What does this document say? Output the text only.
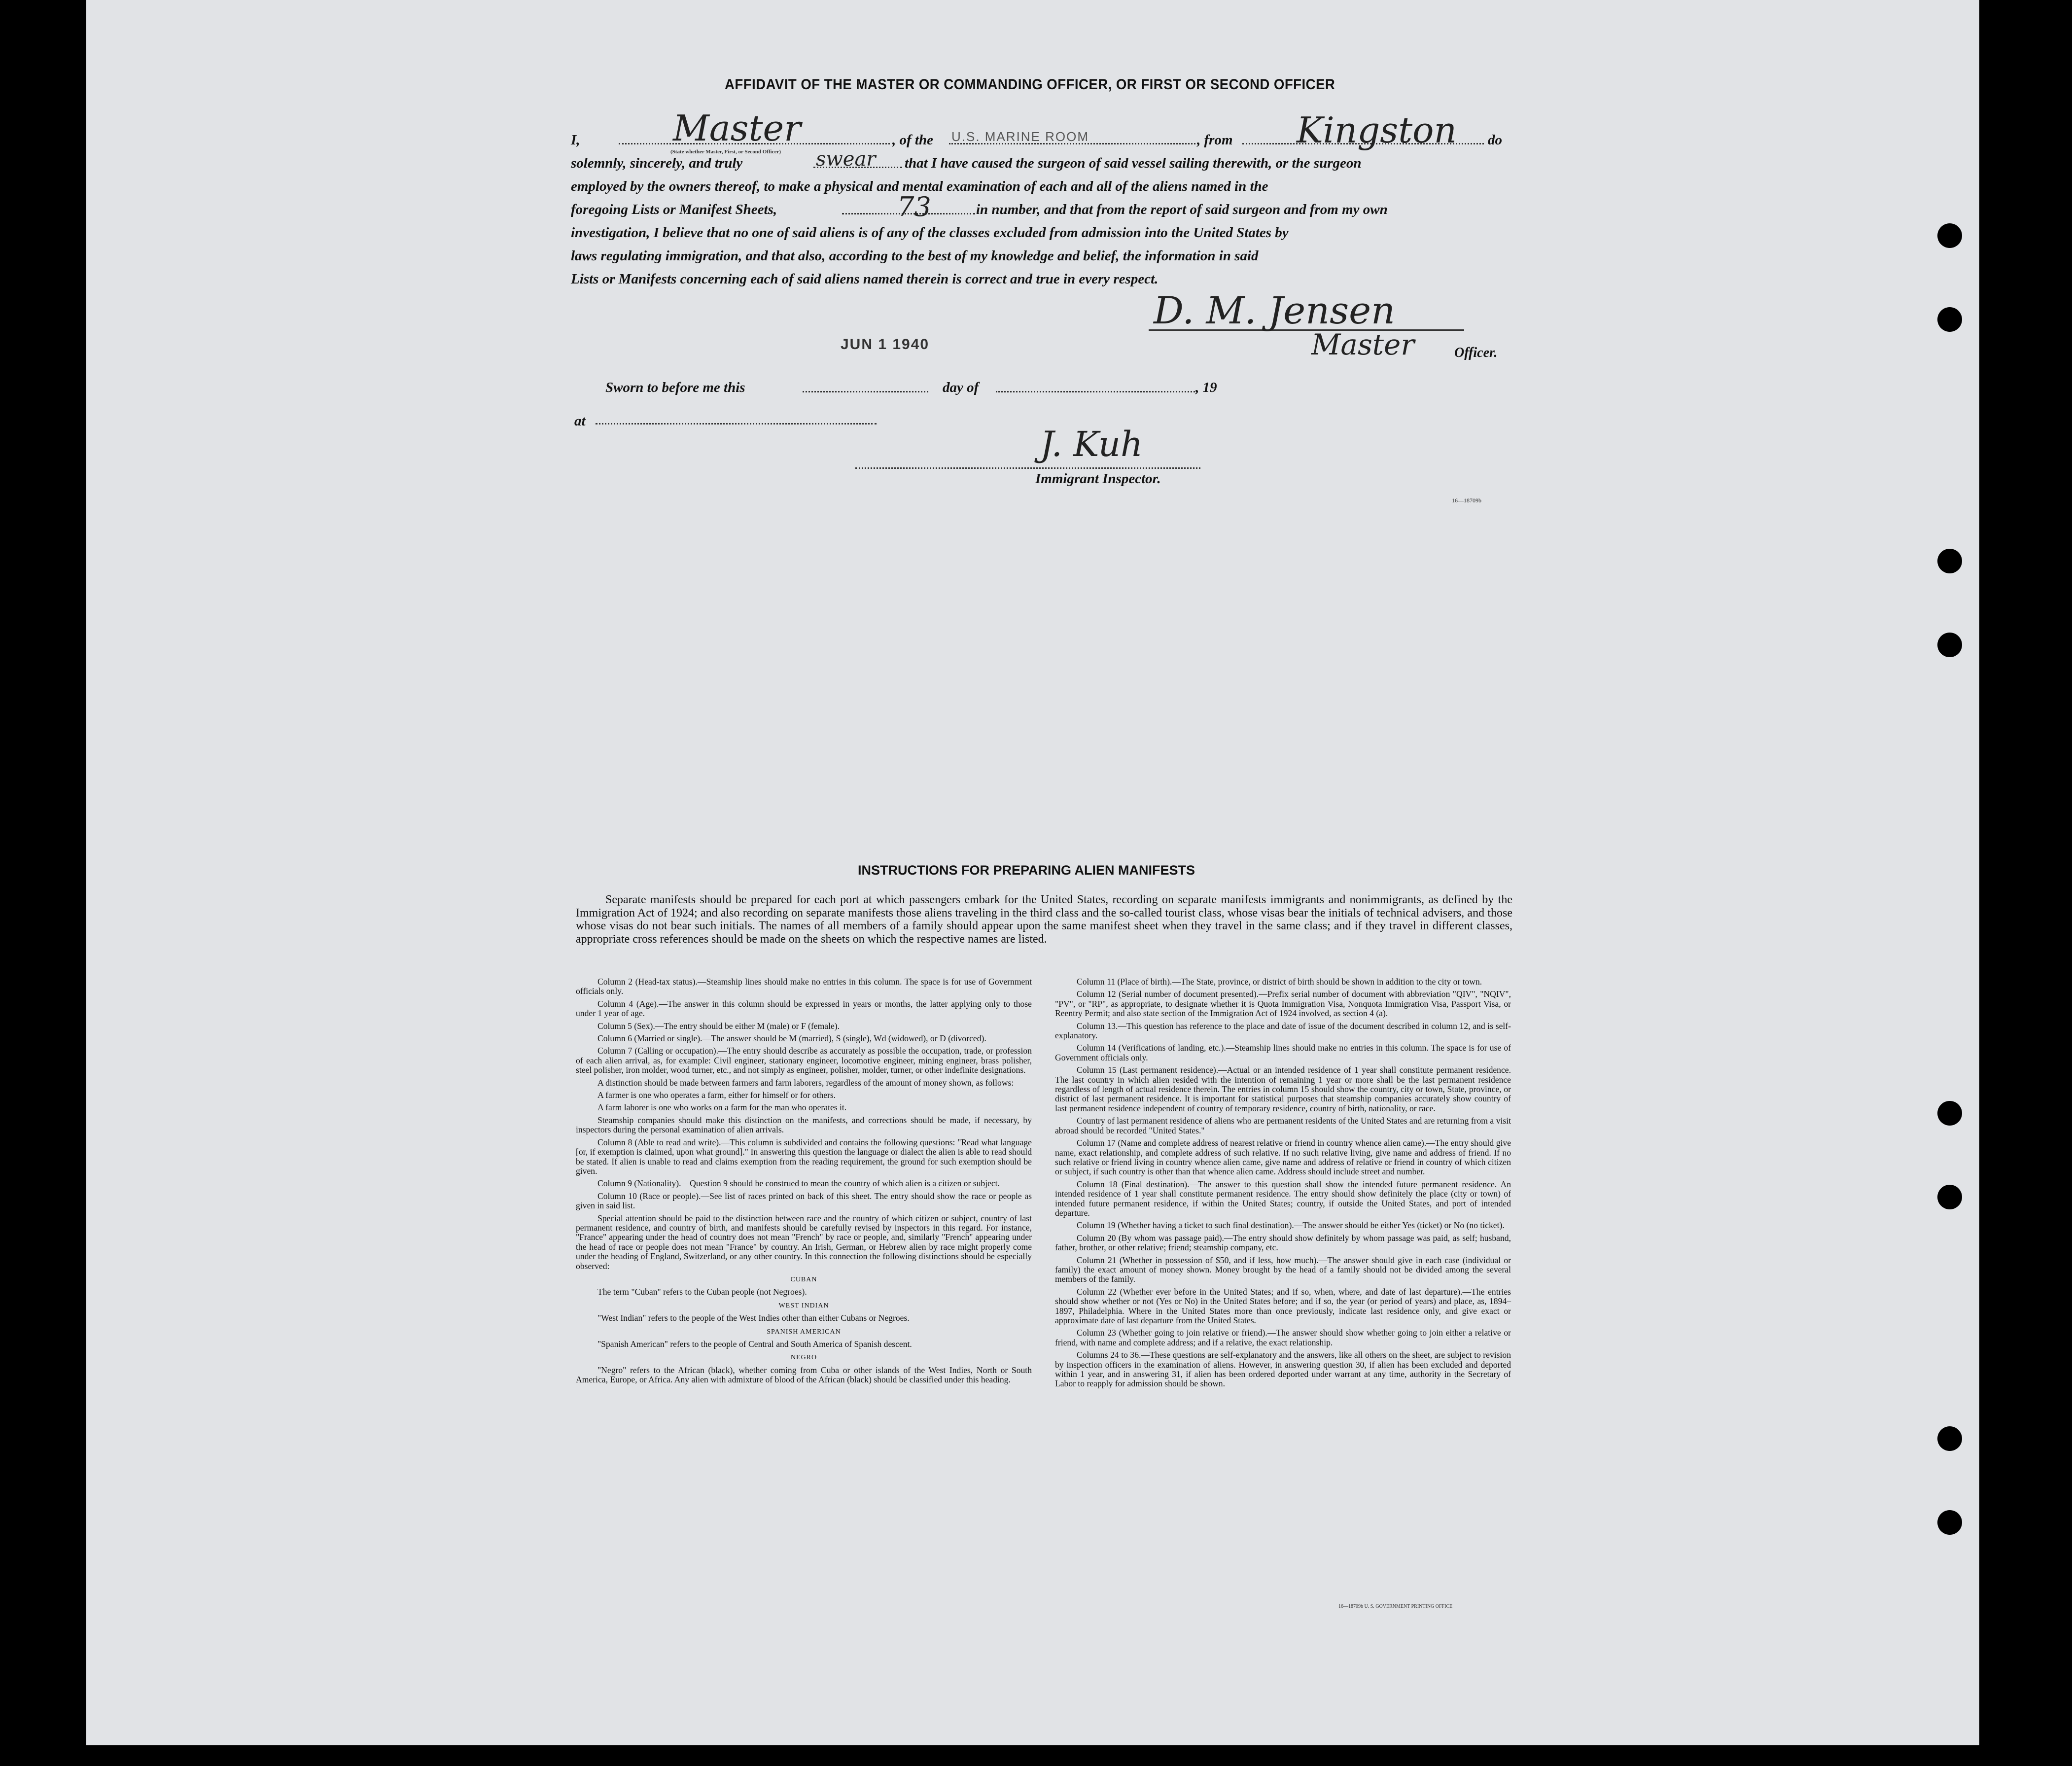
AFFIDAVIT OF THE MASTER OR COMMANDING OFFICER, OR FIRST OR SECOND OFFICER
I,	Master
(State whether Master, First, or Second Officer)
, of the U.S. MARINE ROOM	, from Kingston do
solemnly, sincerely, and truly	swear that I have caused the surgeon of said vessel sailing therewith, or the surgeon
employed by the owners thereof, to make a physical and mental examination of each and all of the aliens named in the
foregoing Lists or Manifest Sheets,	73	in number, and that from the report of said surgeon and from my own
investigation, I believe that no one of said aliens is of any of the classes excluded from admission into the United States by
laws regulating immigration, and that also, according to the best of my knowledge and belief, the information in said
Lists or Manifests concerning each of said aliens named therein is correct and true in every respect.
D. M. Jensen
Master	Officer.
JUN 1 1940
Sworn to before me this	day of	, 19
at
J. Kuh
Immigrant Inspector.
16—18709b
INSTRUCTIONS FOR PREPARING ALIEN MANIFESTS
Separate manifests should be prepared for each port at which passengers embark for the United States, recording on separate manifests immigrants and nonimmigrants, as defined by the Immigration Act of 1924; and also recording on separate manifests those aliens traveling in the third class and the so-called tourist class, whose visas bear the initials of technical advisers, and those whose visas do not bear such initials. The names of all members of a family should appear upon the same manifest sheet when they travel in the same class; and if they travel in different classes, appropriate cross references should be made on the sheets on which the respective names are listed.

Column 2 (Head-tax status).—Steamship lines should make no entries in this column. The space is for use of Government officials only.

Column 4 (Age).—The answer in this column should be expressed in years or months, the latter applying only to those under 1 year of age.

Column 5 (Sex).—The entry should be either M (male) or F (female).

Column 6 (Married or single).—The answer should be M (married), S (single), Wd (widowed), or D (divorced).

Column 7 (Calling or occupation).—The entry should describe as accurately as possible the occupation, trade, or profession of each alien arrival, as, for example: Civil engineer, stationary engineer, locomotive engineer, mining engineer, brass polisher, steel polisher, iron molder, wood turner, etc., and not simply as engineer, polisher, molder, turner, or other indefinite designations.

A distinction should be made between farmers and farm laborers, regardless of the amount of money shown, as follows:

A farmer is one who operates a farm, either for himself or for others.

A farm laborer is one who works on a farm for the man who operates it.

Steamship companies should make this distinction on the manifests, and corrections should be made, if necessary, by inspectors during the personal examination of alien arrivals.

Column 8 (Able to read and write).—This column is subdivided and contains the following questions: "Read what language [or, if exemption is claimed, upon what ground]." In answering this question the language or dialect the alien is able to read should be stated. If alien is unable to read and claims exemption from the reading requirement, the ground for such exemption should be given.

Column 9 (Nationality).—Question 9 should be construed to mean the country of which alien is a citizen or subject.

Column 10 (Race or people).—See list of races printed on back of this sheet. The entry should show the race or people as given in said list.

Special attention should be paid to the distinction between race and the country of which citizen or subject, country of last permanent residence, and country of birth, and manifests should be carefully revised by inspectors in this regard. For instance, "France" appearing under the head of country does not mean "French" by race or people, and, similarly "French" appearing under the head of race or people does not mean "France" by country. An Irish, German, or Hebrew alien by race might properly come under the heading of England, Switzerland, or any other country. In this connection the following distinctions should be especially observed:

CUBAN

The term "Cuban" refers to the Cuban people (not Negroes).

WEST INDIAN

"West Indian" refers to the people of the West Indies other than either Cubans or Negroes.

SPANISH AMERICAN

"Spanish American" refers to the people of Central and South America of Spanish descent.

NEGRO

"Negro" refers to the African (black), whether coming from Cuba or other islands of the West Indies, North or South America, Europe, or Africa. Any alien with admixture of blood of the African (black) should be classified under this heading.

Column 11 (Place of birth).—The State, province, or district of birth should be shown in addition to the city or town.

Column 12 (Serial number of document presented).—Prefix serial number of document with abbreviation "QIV", "NQIV", "PV", or "RP", as appropriate, to designate whether it is Quota Immigration Visa, Nonquota Immigration Visa, Passport Visa, or Reentry Permit; and also state section of the Immigration Act of 1924 involved, as section 4 (a).

Column 13.—This question has reference to the place and date of issue of the document described in column 12, and is self-explanatory.

Column 14 (Verifications of landing, etc.).—Steamship lines should make no entries in this column. The space is for use of Government officials only.

Column 15 (Last permanent residence).—Actual or an intended residence of 1 year shall constitute permanent residence. The last country in which alien resided with the intention of remaining 1 year or more shall be the last permanent residence regardless of length of actual residence therein. The entries in column 15 should show the country, city or town, State, province, or district of last permanent residence. It is important for statistical purposes that steamship companies accurately show country of last permanent residence independent of country of temporary residence, country of birth, nationality, or race.

Country of last permanent residence of aliens who are permanent residents of the United States and are returning from a visit abroad should be recorded "United States."

Column 17 (Name and complete address of nearest relative or friend in country whence alien came).—The entry should give name, exact relationship, and complete address of such relative. If no such relative living, give name and address of friend. If no such relative or friend living in country whence alien came, give name and address of relative or friend in country of which citizen or subject, if such country is other than that whence alien came. Address should include street and number.

Column 18 (Final destination).—The answer to this question shall show the intended future permanent residence. An intended residence of 1 year shall constitute permanent residence. The entry should show definitely the place (city or town) of intended future permanent residence, if within the United States; country, if outside the United States, and port of intended departure.

Column 19 (Whether having a ticket to such final destination).—The answer should be either Yes (ticket) or No (no ticket).

Column 20 (By whom was passage paid).—The entry should show definitely by whom passage was paid, as self; husband, father, brother, or other relative; friend; steamship company, etc.

Column 21 (Whether in possession of $50, and if less, how much).—The answer should give in each case (individual or family) the exact amount of money shown. Money brought by the head of a family should not be divided among the several members of the family.

Column 22 (Whether ever before in the United States; and if so, when, where, and date of last departure).—The entries should show whether or not (Yes or No) in the United States before; and if so, the year (or period of years) and place, as, 1894–1897, Philadelphia. Where in the United States more than once previously, indicate last residence only, and give exact or approximate date of last departure from the United States.

Column 23 (Whether going to join relative or friend).—The answer should show whether going to join either a relative or friend, with name and complete address; and if a relative, the exact relationship.

Columns 24 to 36.—These questions are self-explanatory and the answers, like all others on the sheet, are subject to revision by inspection officers in the examination of aliens. However, in answering question 30, if alien has been excluded and deported within 1 year, and in answering 31, if alien has been ordered deported under warrant at any time, authority in the Secretary of Labor to reapply for admission should be shown.

16—18709b U. S. GOVERNMENT PRINTING OFFICE
